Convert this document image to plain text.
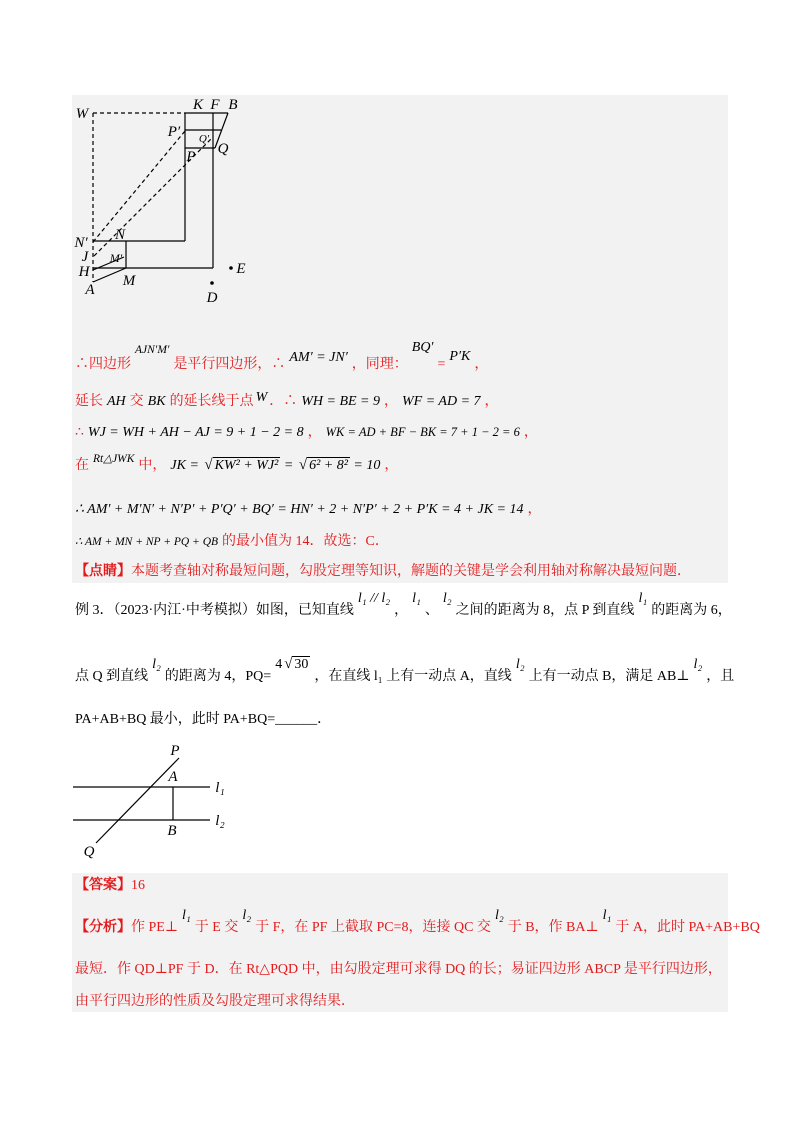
W
K F B
P′ Q′
P Q
N′ N
J M′
H
A
M
E
D
∴四边形$^{AJN'M'}$是平行四边形，∴ AM′ = JN′ ，同理：BQ′=P′K，
延长 AH 交 BK 的延长线于点 W ．∴ WH = BE = 9 ， WF = AD = 7 ，
∴ WJ = WH + AH − AJ = 9 + 1 − 2 = 8 ， WK = AD + BF − BK = 7 + 1 − 2 = 6 ，
在 $^{Rt\triangle JWK}$ 中， JK = √ KW² + WJ² = √ 6² + 8² = 10 ，
∴ AM′ + M′N′ + N′P′ + P′Q′ + BQ′ = HN′ + 2 + N′P′ + 2 + P′K = 4 + JK = 14 ，
∴ AM + MN + NP + PQ + QB 的最小值为 14．故选：C．
【点睛】本题考查轴对称最短问题，勾股定理等知识，解题的关键是学会利用轴对称解决最短问题．
例 3．（2023·内江·中考模拟）如图，已知直线l₁ // l₂，l₁、l₂之间的距离为 8，点 P 到直线l₁的距离为 6，
点 Q 到直线l₂的距离为 4，PQ=4 √ 30，在直线 l₁ 上有一动点 A，直线l₂上有一动点 B，满足 AB⊥l₂，且
PA+AB+BQ 最小，此时 PA+BQ=______．
P
A
l₁
l₂
B
Q
【答案】16
【分析】作 PE⊥l₁于 E 交l₂于 F，在 PF 上截取 PC=8，连接 QC 交l₂于 B，作 BA⊥l₁于 A，此时 PA+AB+BQ
最短．作 QD⊥PF 于 D．在 Rt△PQD 中，由勾股定理可求得 DQ 的长；易证四边形 ABCP 是平行四边形，
由平行四边形的性质及勾股定理可求得结果．
